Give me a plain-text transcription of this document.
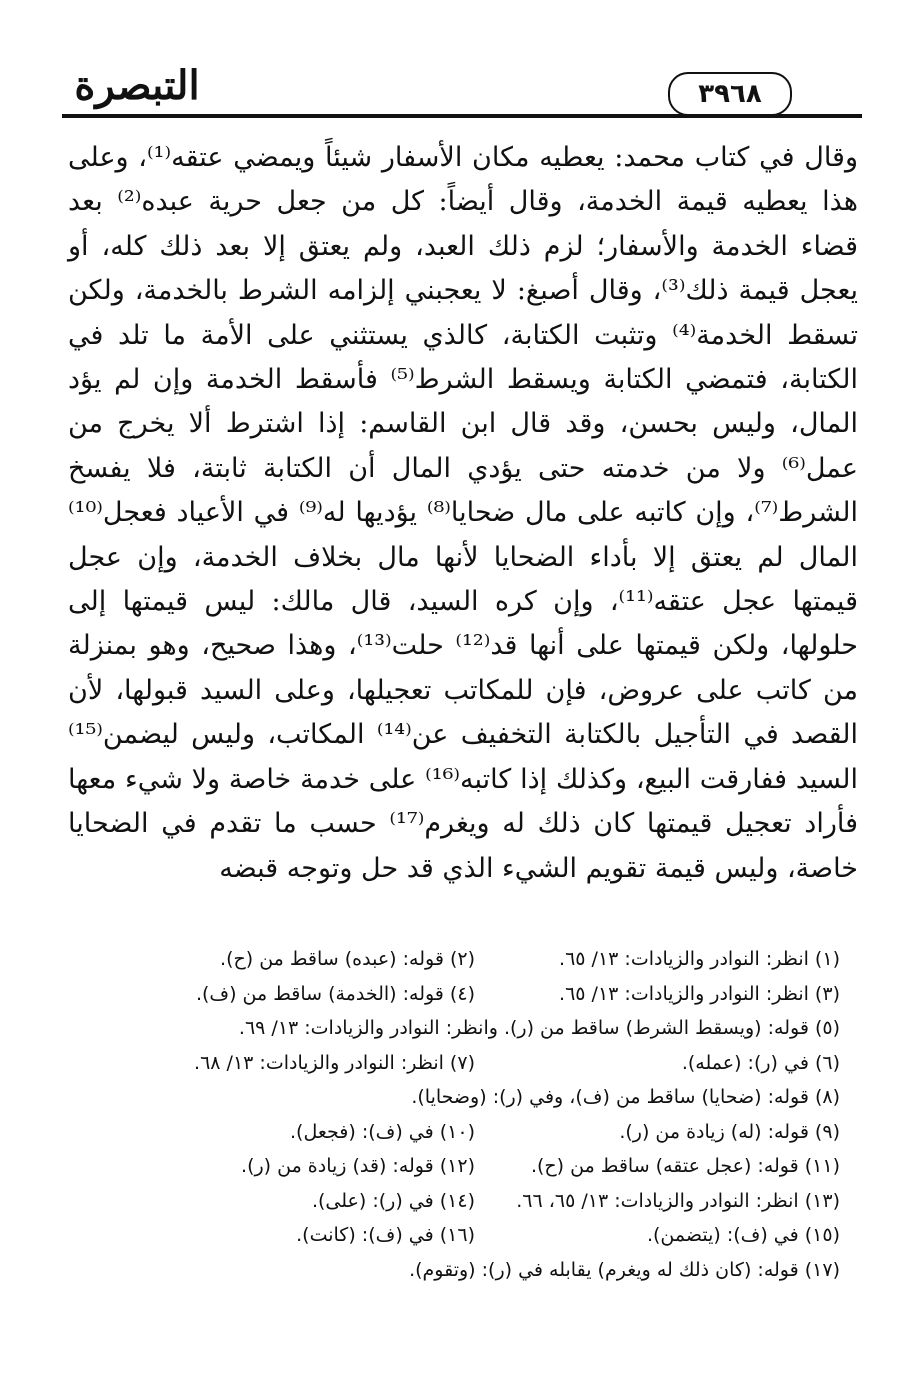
التبصرة	٣٩٦٨

وقال في كتاب محمد: يعطيه مكان الأسفار شيئاً ويمضي عتقه⁽¹⁾، وعلى هذا يعطيه قيمة الخدمة، وقال أيضاً: كل من جعل حرية عبده⁽²⁾ بعد قضاء الخدمة والأسفار؛ لزم ذلك العبد، ولم يعتق إلا بعد ذلك كله، أو يعجل قيمة ذلك⁽³⁾، وقال أصبغ: لا يعجبني إلزامه الشرط بالخدمة، ولكن تسقط الخدمة⁽⁴⁾ وتثبت الكتابة، كالذي يستثني على الأمة ما تلد في الكتابة، فتمضي الكتابة ويسقط الشرط⁽⁵⁾ فأسقط الخدمة وإن لم يؤد المال، وليس بحسن، وقد قال ابن القاسم: إذا اشترط ألا يخرج من عمل⁽⁶⁾ ولا من خدمته حتى يؤدي المال أن الكتابة ثابتة، فلا يفسخ الشرط⁽⁷⁾، وإن كاتبه على مال ضحايا⁽⁸⁾ يؤديها له⁽⁹⁾ في الأعياد فعجل⁽¹⁰⁾ المال لم يعتق إلا بأداء الضحايا لأنها مال بخلاف الخدمة، وإن عجل قيمتها عجل عتقه⁽¹¹⁾، وإن كره السيد، قال مالك: ليس قيمتها إلى حلولها، ولكن قيمتها على أنها قد⁽¹²⁾ حلت⁽¹³⁾، وهذا صحيح، وهو بمنزلة من كاتب على عروض، فإن للمكاتب تعجيلها، وعلى السيد قبولها، لأن القصد في التأجيل بالكتابة التخفيف عن⁽¹⁴⁾ المكاتب، وليس ليضمن⁽¹⁵⁾ السيد ففارقت البيع، وكذلك إذا كاتبه⁽¹⁶⁾ على خدمة خاصة ولا شيء معها فأراد تعجيل قيمتها كان ذلك له ويغرم⁽¹⁷⁾ حسب ما تقدم في الضحايا خاصة، وليس قيمة تقويم الشيء الذي قد حل وتوجه قبضه

(١) انظر: النوادر والزيادات: ١٣/ ٦٥.
(٢) قوله: (عبده) ساقط من (ح).
(٣) انظر: النوادر والزيادات: ١٣/ ٦٥.
(٤) قوله: (الخدمة) ساقط من (ف).
(٥) قوله: (ويسقط الشرط) ساقط من (ر). وانظر: النوادر والزيادات: ١٣/ ٦٩.
(٦) في (ر): (عمله).
(٧) انظر: النوادر والزيادات: ١٣/ ٦٨.
(٨) قوله: (ضحايا) ساقط من (ف)، وفي (ر): (وضحايا).
(٩) قوله: (له) زيادة من (ر).
(١٠) في (ف): (فجعل).
(١١) قوله: (عجل عتقه) ساقط من (ح).
(١٢) قوله: (قد) زيادة من (ر).
(١٣) انظر: النوادر والزيادات: ١٣/ ٦٥، ٦٦.
(١٤) في (ر): (على).
(١٥) في (ف): (يتضمن).
(١٦) في (ف): (كانت).
(١٧) قوله: (كان ذلك له ويغرم) يقابله في (ر): (وتقوم).
